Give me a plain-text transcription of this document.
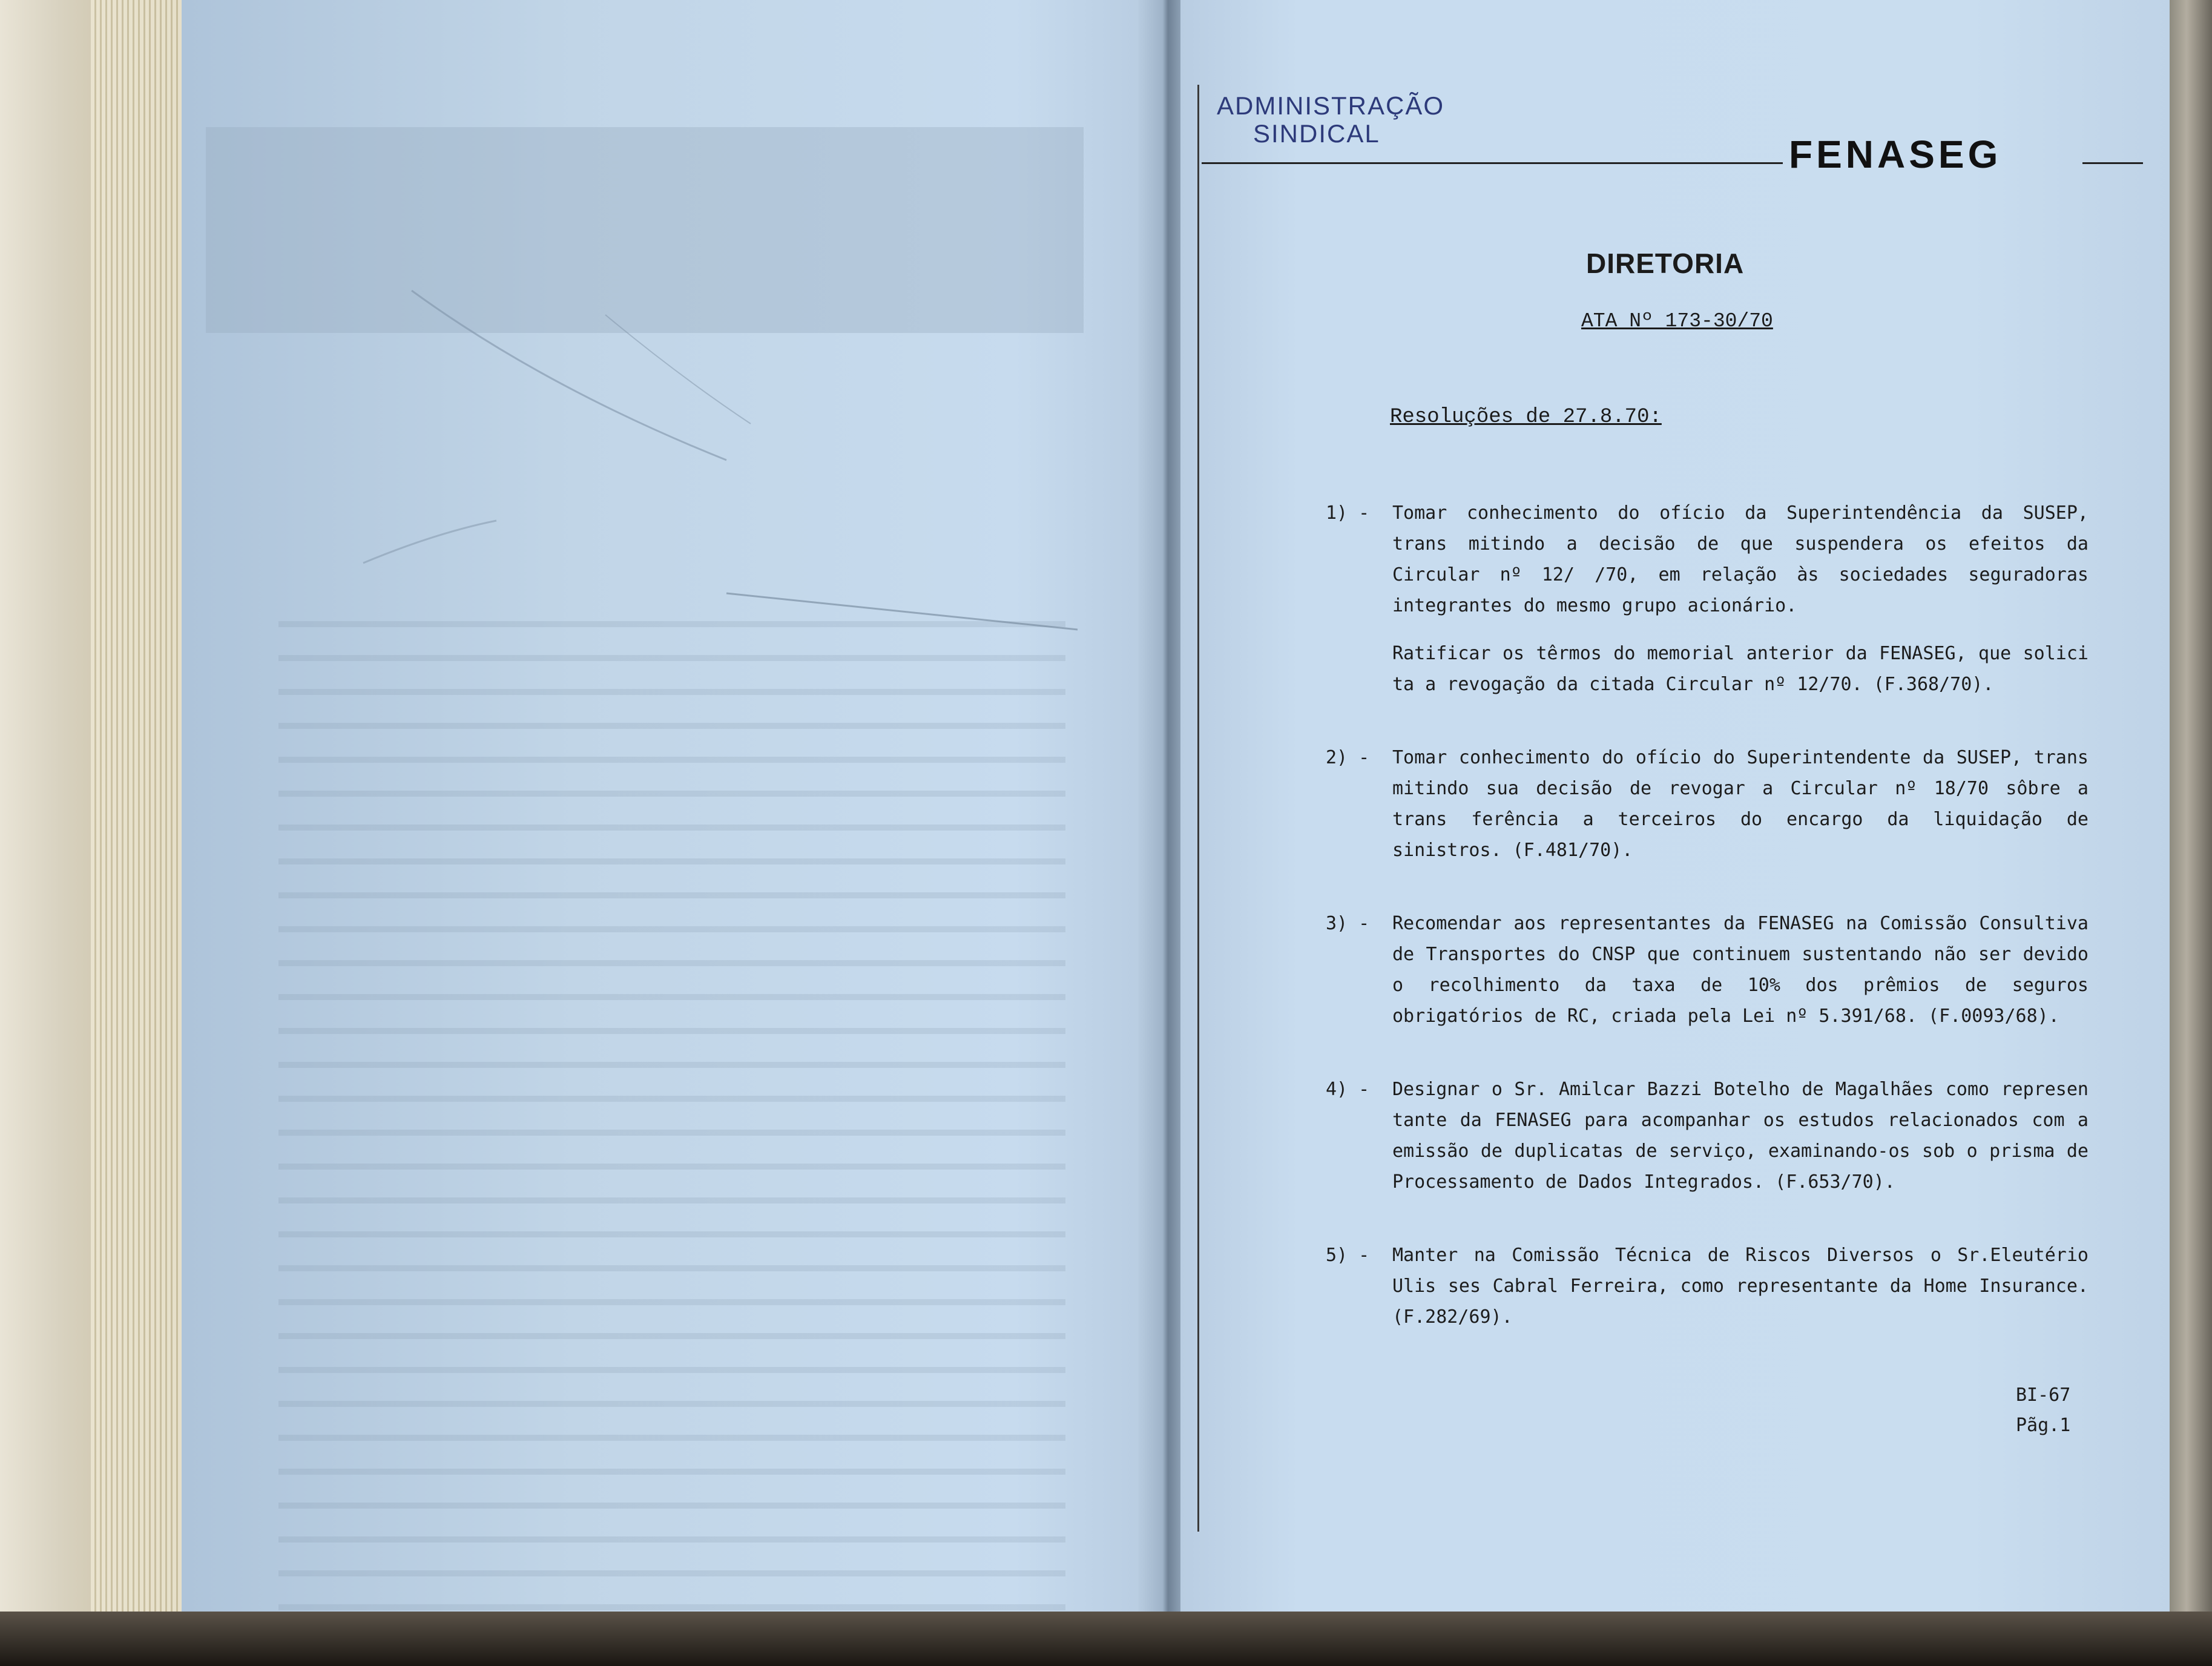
ADMINISTRAÇÃO
SINDICAL	FENASEG
DIRETORIA
ATA Nº 173-30/70
Resoluções de 27.8.70:
1) -	Tomar conhecimento do ofício da Superintendência da SUSEP, trans mitindo a decisão de que suspendera os efeitos da Circular nº 12/ /70, em relação às sociedades seguradoras integrantes do mesmo grupo acionário.
Ratificar os têrmos do memorial anterior da FENASEG, que solici ta a revogação da citada Circular nº 12/70. (F.368/70).
2) -	Tomar conhecimento do ofício do Superintendente da SUSEP, trans mitindo sua decisão de revogar a Circular nº 18/70 sôbre a trans ferência a terceiros do encargo da liquidação de sinistros. (F.481/70).
3) -	Recomendar aos representantes da FENASEG na Comissão Consultiva de Transportes do CNSP que continuem sustentando não ser devido o recolhimento da taxa de 10% dos prêmios de seguros obrigatórios de RC, criada pela Lei nº 5.391/68. (F.0093/68).
4) -	Designar o Sr. Amilcar Bazzi Botelho de Magalhães como represen tante da FENASEG para acompanhar os estudos relacionados com a emissão de duplicatas de serviço, examinando-os sob o prisma de Processamento de Dados Integrados. (F.653/70).
5) -	Manter na Comissão Técnica de Riscos Diversos o Sr.Eleutério Ulis ses Cabral Ferreira, como representante da Home Insurance. (F.282/69).
BI-67
Pãg.1
